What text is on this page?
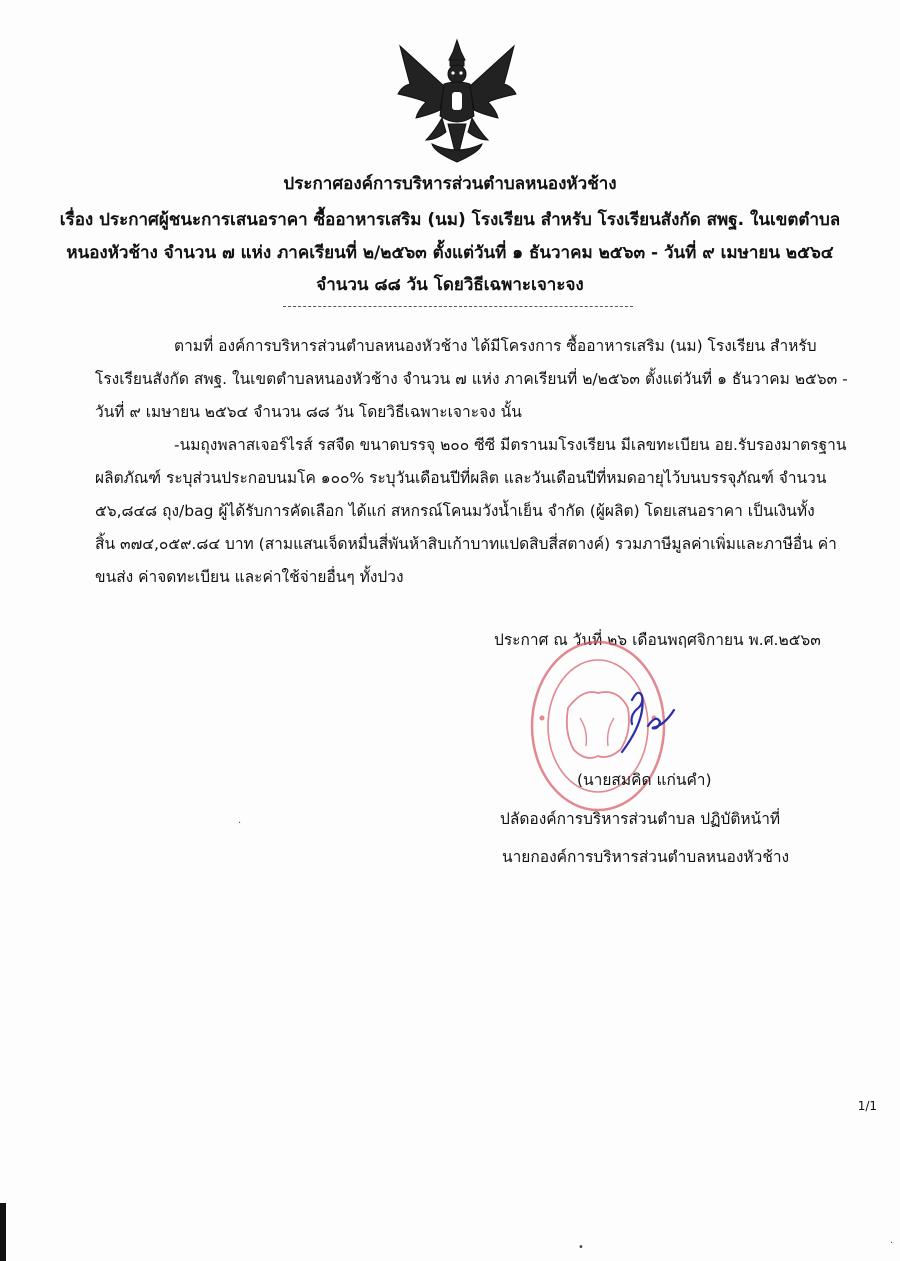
ประกาศองค์การบริหารส่วนตำบลหนองหัวช้าง
เรื่อง ประกาศผู้ชนะการเสนอราคา ซื้ออาหารเสริม (นม) โรงเรียน สำหรับ โรงเรียนสังกัด สพฐ. ในเขตตำบล
หนองหัวช้าง จำนวน ๗ แห่ง ภาคเรียนที่ ๒/๒๕๖๓ ตั้งแต่วันที่ ๑ ธันวาคม ๒๕๖๓ - วันที่ ๙ เมษายน ๒๕๖๔
จำนวน ๘๘ วัน โดยวิธีเฉพาะเจาะจง
ตามที่ องค์การบริหารส่วนตำบลหนองหัวช้าง ได้มีโครงการ ซื้ออาหารเสริม (นม) โรงเรียน สำหรับ
โรงเรียนสังกัด สพฐ. ในเขตตำบลหนองหัวช้าง จำนวน ๗ แห่ง ภาคเรียนที่ ๒/๒๕๖๓ ตั้งแต่วันที่ ๑ ธันวาคม ๒๕๖๓ -
วันที่ ๙ เมษายน ๒๕๖๔ จำนวน ๘๘ วัน โดยวิธีเฉพาะเจาะจง นั้น
-นมถุงพลาสเจอร์ไรส์ รสจืด ขนาดบรรจุ ๒๐๐ ซีซี มีตรานมโรงเรียน มีเลขทะเบียน อย.รับรองมาตรฐาน
ผลิตภัณฑ์ ระบุส่วนประกอบนมโค ๑๐๐% ระบุวันเดือนปีที่ผลิต และวันเดือนปีที่หมดอายุไว้บนบรรจุภัณฑ์ จำนวน
๕๖,๘๔๘ ถุง/bag ผู้ได้รับการคัดเลือก ได้แก่ สหกรณ์โคนมวังน้ำเย็น จำกัด (ผู้ผลิต) โดยเสนอราคา เป็นเงินทั้ง
สิ้น ๓๗๔,๐๕๙.๘๔ บาท (สามแสนเจ็ดหมื่นสี่พันห้าสิบเก้าบาทแปดสิบสี่สตางค์) รวมภาษีมูลค่าเพิ่มและภาษีอื่น ค่า
ขนส่ง ค่าจดทะเบียน และค่าใช้จ่ายอื่นๆ ทั้งปวง
ประกาศ ณ วันที่ ๒๖ เดือนพฤศจิกายน พ.ศ.๒๕๖๓
(นายสมคิด แก่นคำ)
ปลัดองค์การบริหารส่วนตำบล ปฏิบัติหน้าที่
นายกองค์การบริหารส่วนตำบลหนองหัวช้าง
1/1
·
•	·
